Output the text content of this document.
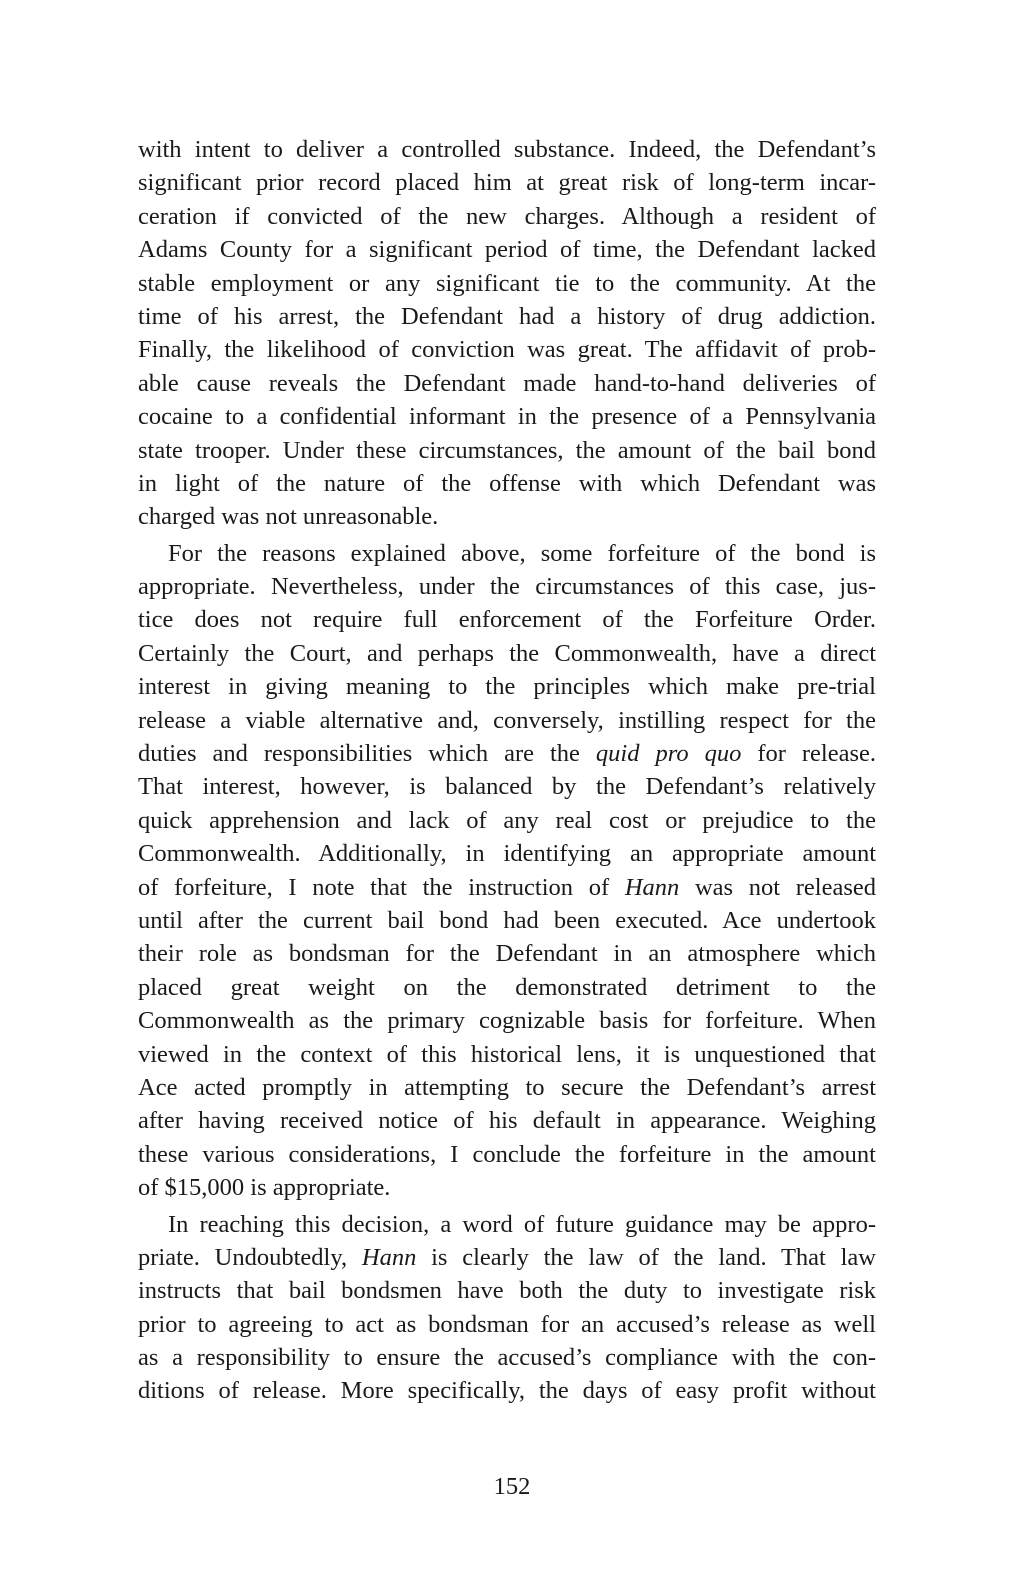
with intent to deliver a controlled substance. Indeed, the Defendant’s
significant prior record placed him at great risk of long-term incar-
ceration if convicted of the new charges. Although a resident of
Adams County for a significant period of time, the Defendant lacked
stable employment or any significant tie to the community. At the
time of his arrest, the Defendant had a history of drug addiction.
Finally, the likelihood of conviction was great. The affidavit of prob-
able cause reveals the Defendant made hand-to-hand deliveries of
cocaine to a confidential informant in the presence of a Pennsylvania
state trooper. Under these circumstances, the amount of the bail bond
in light of the nature of the offense with which Defendant was
charged was not unreasonable.
For the reasons explained above, some forfeiture of the bond is
appropriate. Nevertheless, under the circumstances of this case, jus-
tice does not require full enforcement of the Forfeiture Order.
Certainly the Court, and perhaps the Commonwealth, have a direct
interest in giving meaning to the principles which make pre-trial
release a viable alternative and, conversely, instilling respect for the
duties and responsibilities which are the quid pro quo for release.
That interest, however, is balanced by the Defendant’s relatively
quick apprehension and lack of any real cost or prejudice to the
Commonwealth. Additionally, in identifying an appropriate amount
of forfeiture, I note that the instruction of Hann was not released
until after the current bail bond had been executed. Ace undertook
their role as bondsman for the Defendant in an atmosphere which
placed great weight on the demonstrated detriment to the
Commonwealth as the primary cognizable basis for forfeiture. When
viewed in the context of this historical lens, it is unquestioned that
Ace acted promptly in attempting to secure the Defendant’s arrest
after having received notice of his default in appearance. Weighing
these various considerations, I conclude the forfeiture in the amount
of $15,000 is appropriate.
In reaching this decision, a word of future guidance may be appro-
priate. Undoubtedly, Hann is clearly the law of the land. That law
instructs that bail bondsmen have both the duty to investigate risk
prior to agreeing to act as bondsman for an accused’s release as well
as a responsibility to ensure the accused’s compliance with the con-
ditions of release. More specifically, the days of easy profit without
152
